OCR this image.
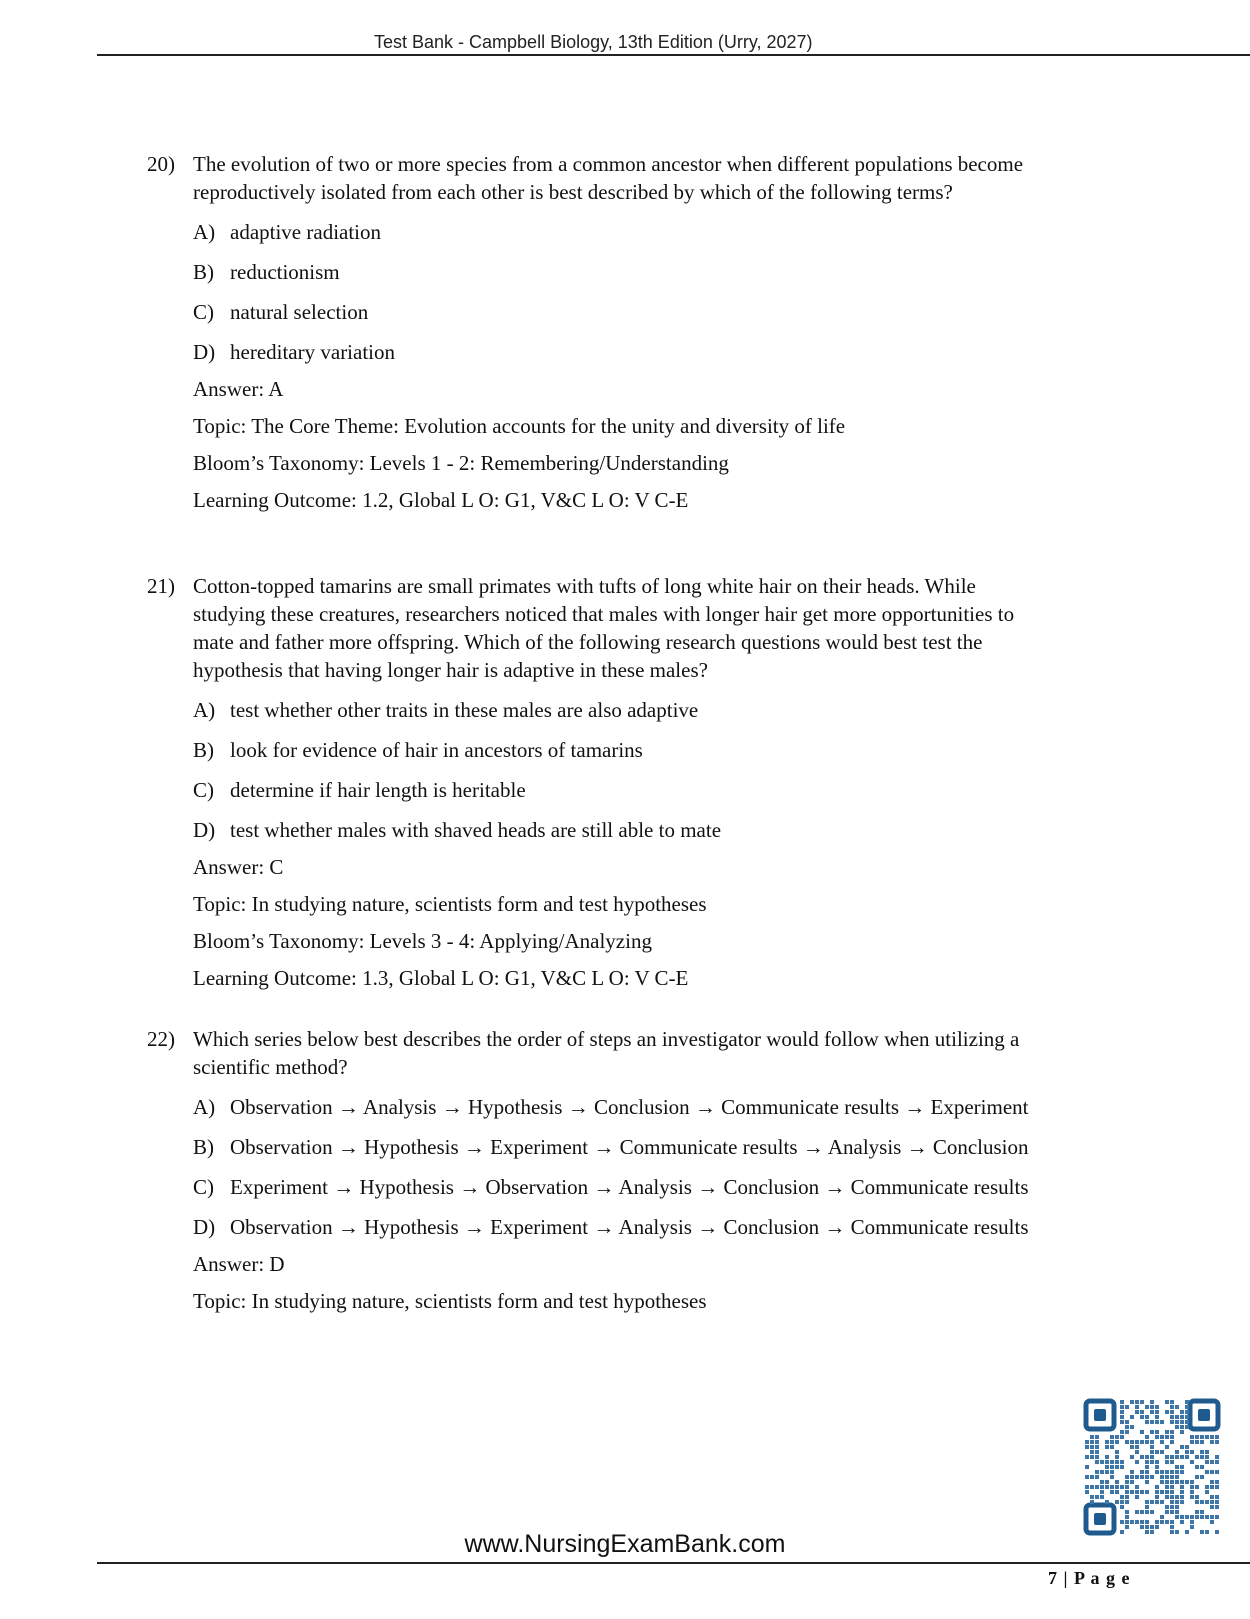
Test Bank - Campbell Biology, 13th Edition (Urry, 2027)
20) The evolution of two or more species from a common ancestor when different populations become reproductively isolated from each other is best described by which of the following terms?
A) adaptive radiation
B) reductionism
C) natural selection
D) hereditary variation
Answer: A
Topic: The Core Theme: Evolution accounts for the unity and diversity of life
Bloom’s Taxonomy: Levels 1 - 2: Remembering/Understanding
Learning Outcome: 1.2, Global L O: G1, V&C L O: V C-E
21) Cotton-topped tamarins are small primates with tufts of long white hair on their heads. While studying these creatures, researchers noticed that males with longer hair get more opportunities to mate and father more offspring. Which of the following research questions would best test the hypothesis that having longer hair is adaptive in these males?
A) test whether other traits in these males are also adaptive
B) look for evidence of hair in ancestors of tamarins
C) determine if hair length is heritable
D) test whether males with shaved heads are still able to mate
Answer: C
Topic: In studying nature, scientists form and test hypotheses
Bloom’s Taxonomy: Levels 3 - 4: Applying/Analyzing
Learning Outcome: 1.3, Global L O: G1, V&C L O: V C-E
22) Which series below best describes the order of steps an investigator would follow when utilizing a scientific method?
A) Observation → Analysis → Hypothesis → Conclusion → Communicate results → Experiment
B) Observation → Hypothesis → Experiment → Communicate results → Analysis → Conclusion
C) Experiment → Hypothesis → Observation → Analysis → Conclusion → Communicate results
D) Observation → Hypothesis → Experiment → Analysis → Conclusion → Communicate results
Answer: D
Topic: In studying nature, scientists form and test hypotheses
www.NursingExamBank.com
7 | P a g e
